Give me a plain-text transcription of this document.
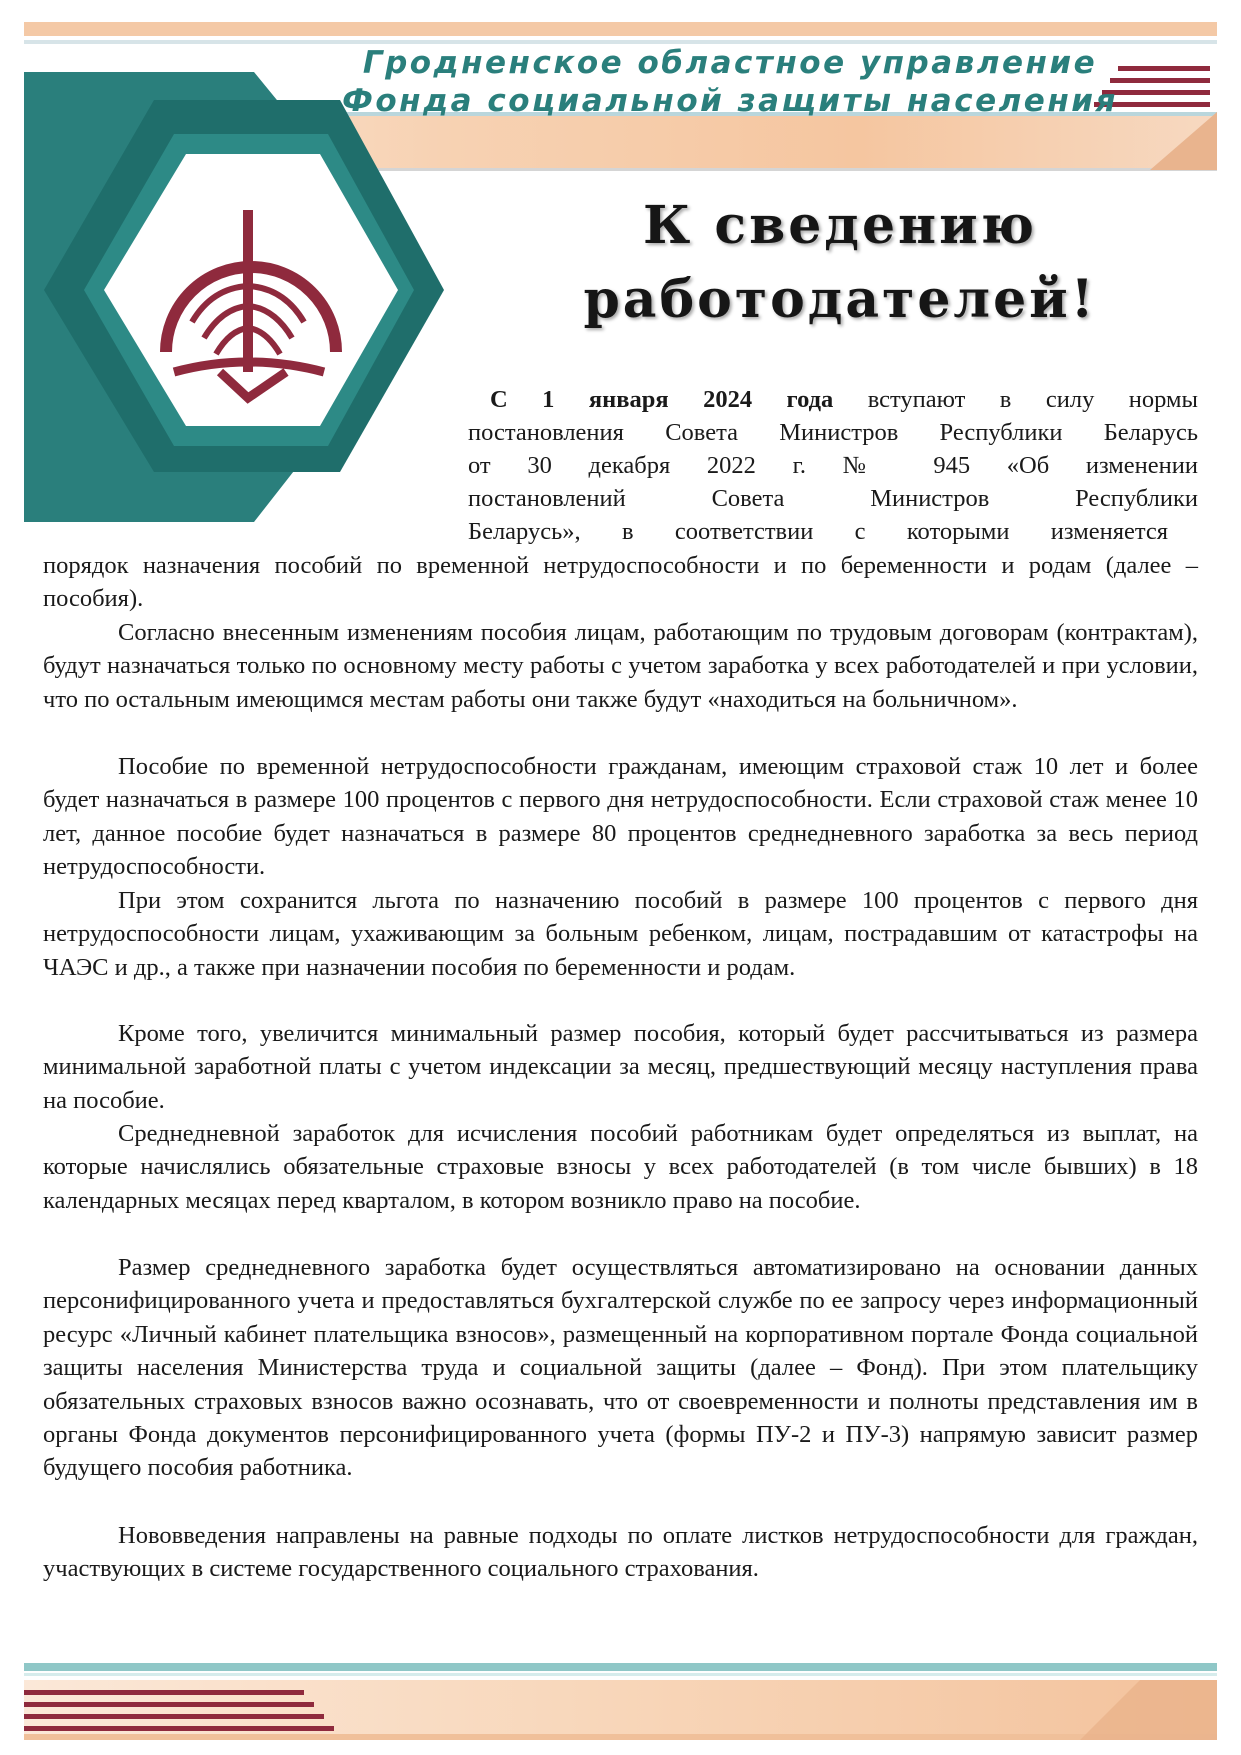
Гродненское областное управление
Фонда социальной защиты населения
К сведению
работодателей!
С 1 января 2024 года вступают в силу нормы
постановления Совета Министров Республики Беларусь
от 30 декабря 2022 г. № 945 «Об изменении
постановлений Совета Министров Республики
Беларусь», в соответствии с которыми изменяется
порядок назначения пособий по временной нетрудоспособности и по беременности и родам (далее – пособия).
Согласно внесенным изменениям пособия лицам, работающим по трудовым договорам (контрактам), будут назначаться только по основному месту работы с учетом заработка у всех работодателей и при условии, что по остальным имеющимся местам работы они также будут «находиться на больничном».
Пособие по временной нетрудоспособности гражданам, имеющим страховой стаж 10 лет и более будет назначаться в размере 100 процентов с первого дня нетрудоспособности. Если страховой стаж менее 10 лет, данное пособие будет назначаться в размере 80 процентов среднедневного заработка за весь период нетрудоспособности.
При этом сохранится льгота по назначению пособий в размере 100 процентов с первого дня нетрудоспособности лицам, ухаживающим за больным ребенком, лицам, пострадавшим от катастрофы на ЧАЭС и др., а также при назначении пособия по беременности и родам.
Кроме того, увеличится минимальный размер пособия, который будет рассчитываться из размера минимальной заработной платы с учетом индексации за месяц, предшествующий месяцу наступления права на пособие.
Среднедневной заработок для исчисления пособий работникам будет определяться из выплат, на которые начислялись обязательные страховые взносы у всех работодателей (в том числе бывших) в 18 календарных месяцах перед кварталом, в котором возникло право на пособие.
Размер среднедневного заработка будет осуществляться автоматизировано на основании данных персонифицированного учета и предоставляться бухгалтерской службе по ее запросу через информационный ресурс «Личный кабинет плательщика взносов», размещенный на корпоративном портале Фонда социальной защиты населения Министерства труда и социальной защиты (далее – Фонд). При этом плательщику обязательных страховых взносов важно осознавать, что от своевременности и полноты представления им в органы Фонда документов персонифицированного учета (формы ПУ-2 и ПУ-3) напрямую зависит размер будущего пособия работника.
Нововведения направлены на равные подходы по оплате листков нетрудоспособности для граждан, участвующих в системе государственного социального страхования.
